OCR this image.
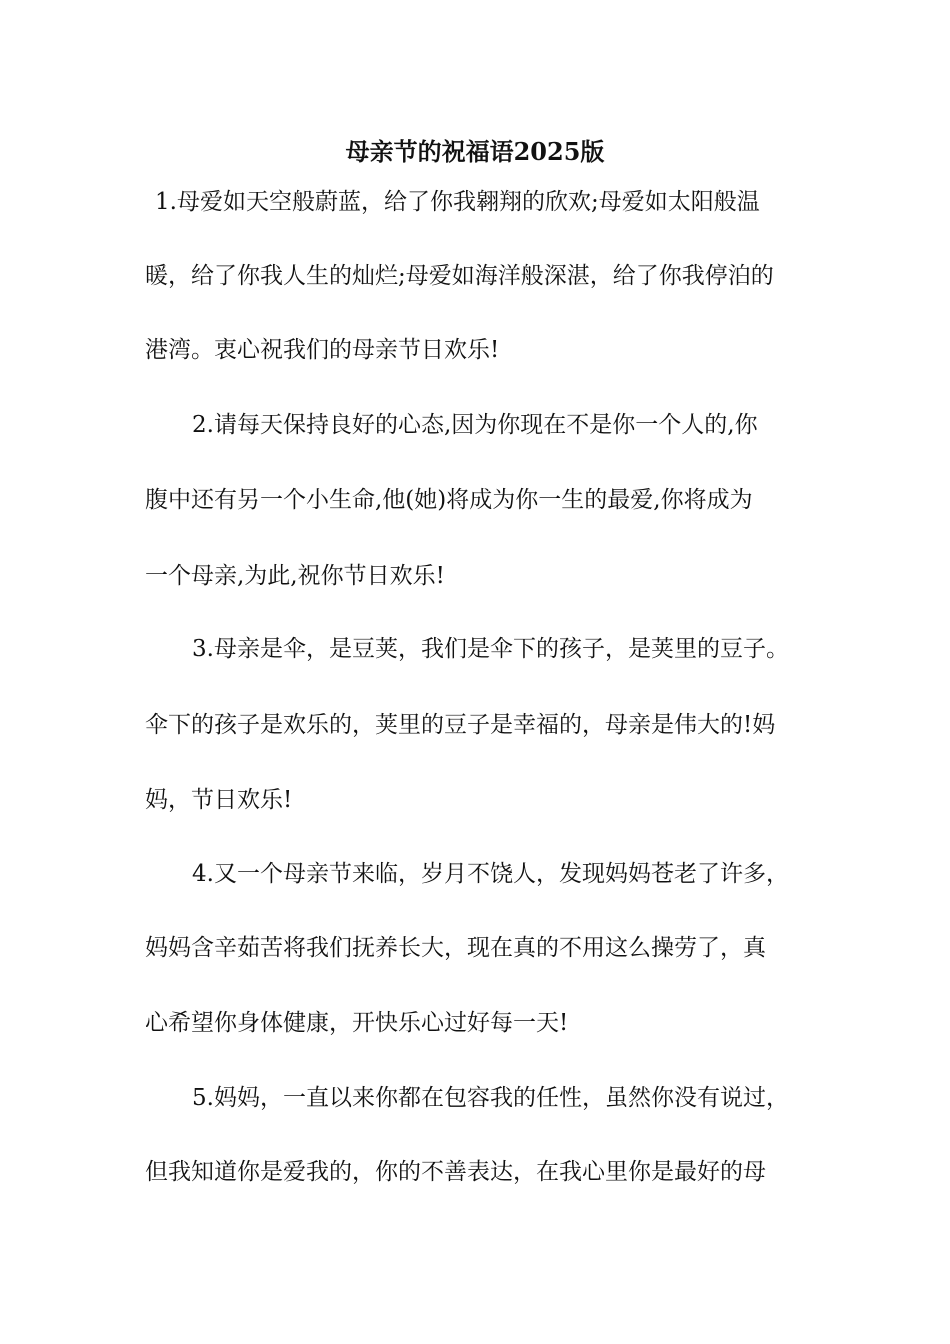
母亲节的祝福语2025版

1.母爱如天空般蔚蓝，给了你我翱翔的欣欢;母爱如太阳般温

暖，给了你我人生的灿烂;母爱如海洋般深湛，给了你我停泊的

港湾。衷心祝我们的母亲节日欢乐!

2.请每天保持良好的心态,因为你现在不是你一个人的,你

腹中还有另一个小生命,他(她)将成为你一生的最爱,你将成为

一个母亲,为此,祝你节日欢乐!

3.母亲是伞，是豆荚，我们是伞下的孩子，是荚里的豆子。

伞下的孩子是欢乐的，荚里的豆子是幸福的，母亲是伟大的!妈

妈，节日欢乐!

4.又一个母亲节来临，岁月不饶人，发现妈妈苍老了许多，

妈妈含辛茹苦将我们抚养长大，现在真的不用这么操劳了，真

心希望你身体健康，开快乐心过好每一天!

5.妈妈，一直以来你都在包容我的任性，虽然你没有说过，

但我知道你是爱我的，你的不善表达，在我心里你是最好的母
